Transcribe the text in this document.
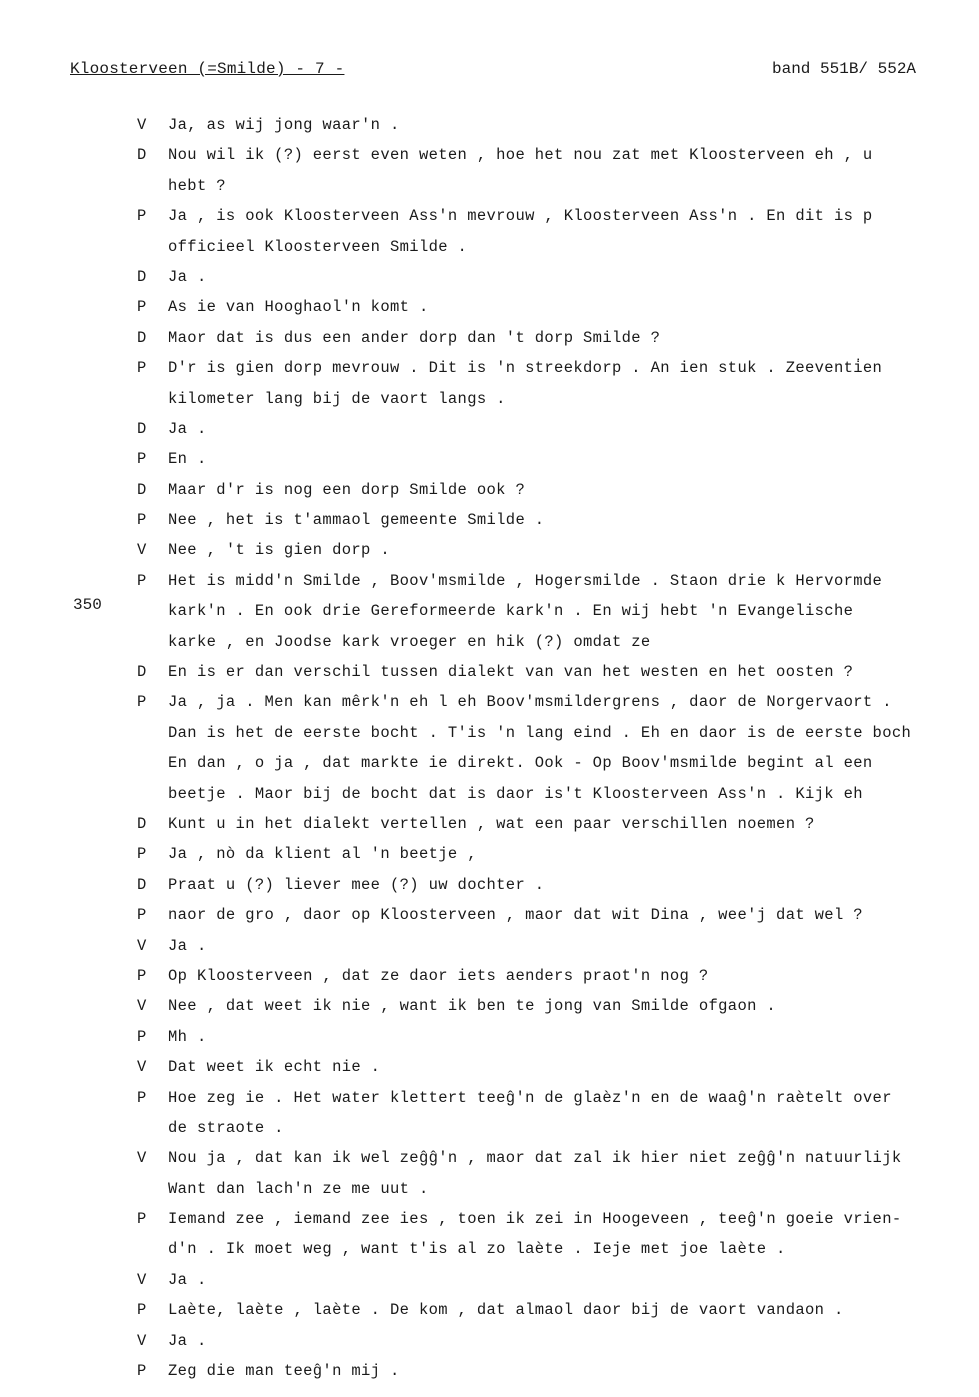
Kloosterveen (=Smilde) - 7 -	band 551B/ 552A
350
V	Ja, as wij jong waar'n .
D	Nou wil ik (?) eerst even weten , hoe het nou zat met Kloosterveen eh , u
hebt ?
P	Ja , is ook Kloosterveen Ass'n mevrouw , Kloosterveen Ass'n . En dit is p
officieel Kloosterveen Smilde .
D	Ja .
P	As ie van Hooghaol'n komt .
D	Maor dat is dus een ander dorp dan 't dorp Smilde ?
P	D'r is gien dorp mevrouw . Dit is 'n streekdorp . An ien stuk . Zeeventi̇̇en
kilometer lang bij de vaort langs .
D	Ja .
P	En .
D	Maar d'r is nog een dorp Smilde ook ?
P	Nee , het is t'ammaol gemeente Smilde .
V	Nee , 't is gien dorp .
P	Het is midd'n Smilde , Boov'msmilde , Hogersmilde . Staon drie k Hervormde
kark'n . En ook drie Gereformeerde kark'n . En wij hebt 'n Evangelische
karke , en Joodse kark vroeger en hik (?) omdat ze
D	En is er dan verschil tussen dialekt van van het westen en het oosten ?
P	Ja , ja . Men kan mêrk'n eh l eh Boov'msmildergrens , daor de Norgervaort .
Dan is het de eerste bocht . T'is 'n lang eind . Eh en daor is de eerste boch
En dan , o ja , dat markte ie direkt. Ook - Op Boov'msmilde begint al een
beetje . Maor bij de bocht dat is daor is't Kloosterveen Ass'n . Kijk eh
D	Kunt u in het dialekt vertellen , wat een paar verschillen noemen ?
P	Ja , nò da klient al 'n beetje ,
D	Praat u (?) liever mee (?) uw dochter .
P	naor de gro , daor op Kloosterveen , maor dat wit Dina , wee'j dat wel ?
V	Ja .
P	Op Kloosterveen , dat ze daor iets aenders praot'n nog ?
V	Nee , dat weet ik nie , want ik ben te jong van Smilde ofgaon .
P	Mh .
V	Dat weet ik echt nie .
P	Hoe zeg ie . Het water klettert teeĝ'n de glaèz'n en de waaĝ'n raètelt over
de straote .
V	Nou ja , dat kan ik wel zeĝĝ'n , maor dat zal ik hier niet zeĝĝ'n natuurlijk
Want dan lach'n ze me uut .
P	Iemand zee , iemand zee ies , toen ik zei in Hoogeveen , teeĝ'n goeie vrien-
d'n . Ik moet weg , want t'is al zo laète . Ieje met joe laète .
V	Ja .
P	Laète, laète , laète . De kom , dat almaol daor bij de vaort vandaon .
V	Ja .
P	Zeg die man teeĝ'n mij .
